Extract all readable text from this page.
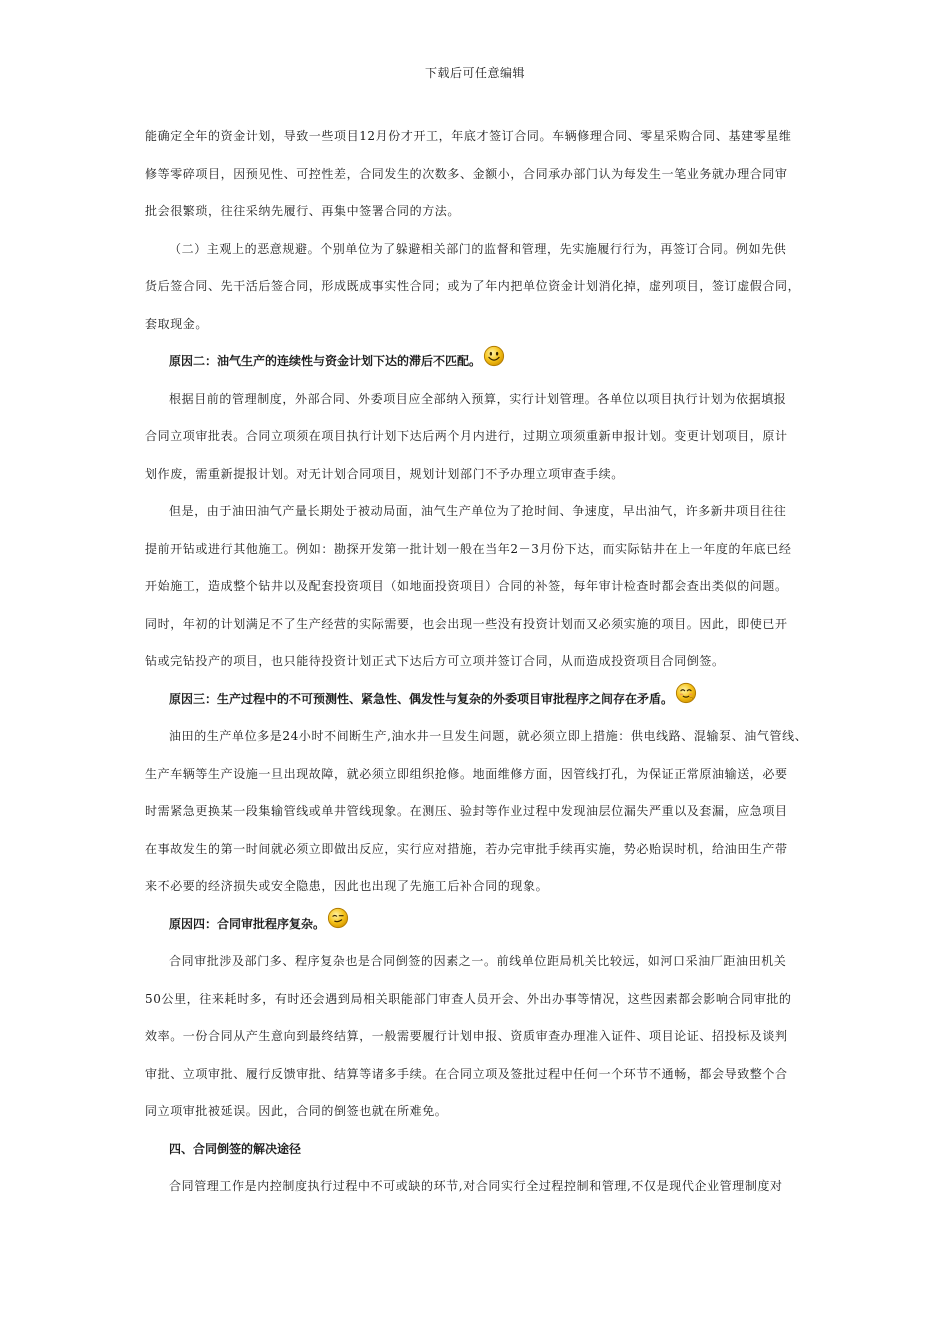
下载后可任意编辑
能确定全年的资金计划，导致一些项目12月份才开工，年底才签订合同。车辆修理合同、零星采购合同、基建零星维
修等零碎项目，因预见性、可控性差，合同发生的次数多、金额小，合同承办部门认为每发生一笔业务就办理合同审
批会很繁琐，往往采纳先履行、再集中签署合同的方法。
（二）主观上的恶意规避。个别单位为了躲避相关部门的监督和管理，先实施履行行为，再签订合同。例如先供
货后签合同、先干活后签合同，形成既成事实性合同；或为了年内把单位资金计划消化掉，虚列项目，签订虚假合同，
套取现金。
原因二：油气生产的连续性与资金计划下达的滞后不匹配。
根据目前的管理制度，外部合同、外委项目应全部纳入预算，实行计划管理。各单位以项目执行计划为依据填报
合同立项审批表。合同立项须在项目执行计划下达后两个月内进行，过期立项须重新申报计划。变更计划项目，原计
划作废，需重新提报计划。对无计划合同项目，规划计划部门不予办理立项审查手续。
但是，由于油田油气产量长期处于被动局面，油气生产单位为了抢时间、争速度，早出油气，许多新井项目往往
提前开钻或进行其他施工。例如：勘探开发第一批计划一般在当年2－3月份下达，而实际钻井在上一年度的年底已经
开始施工，造成整个钻井以及配套投资项目（如地面投资项目）合同的补签，每年审计检查时都会查出类似的问题。
同时，年初的计划满足不了生产经营的实际需要，也会出现一些没有投资计划而又必须实施的项目。因此，即使已开
钻或完钻投产的项目，也只能待投资计划正式下达后方可立项并签订合同，从而造成投资项目合同倒签。
原因三：生产过程中的不可预测性、紧急性、偶发性与复杂的外委项目审批程序之间存在矛盾。
油田的生产单位多是24小时不间断生产,油水井一旦发生问题，就必须立即上措施：供电线路、混输泵、油气管线、
生产车辆等生产设施一旦出现故障，就必须立即组织抢修。地面维修方面，因管线打孔，为保证正常原油输送，必要
时需紧急更换某一段集输管线或单井管线现象。在测压、验封等作业过程中发现油层位漏失严重以及套漏，应急项目
在事故发生的第一时间就必须立即做出反应，实行应对措施，若办完审批手续再实施，势必贻误时机，给油田生产带
来不必要的经济损失或安全隐患，因此也出现了先施工后补合同的现象。
原因四：合同审批程序复杂。
合同审批涉及部门多、程序复杂也是合同倒签的因素之一。前线单位距局机关比较远，如河口采油厂距油田机关
50公里，往来耗时多，有时还会遇到局相关职能部门审查人员开会、外出办事等情况，这些因素都会影响合同审批的
效率。一份合同从产生意向到最终结算，一般需要履行计划申报、资质审查办理准入证件、项目论证、招投标及谈判
审批、立项审批、履行反馈审批、结算等诸多手续。在合同立项及签批过程中任何一个环节不通畅，都会导致整个合
同立项审批被延误。因此，合同的倒签也就在所难免。
四、合同倒签的解决途径
合同管理工作是内控制度执行过程中不可或缺的环节,对合同实行全过程控制和管理,不仅是现代企业管理制度对
